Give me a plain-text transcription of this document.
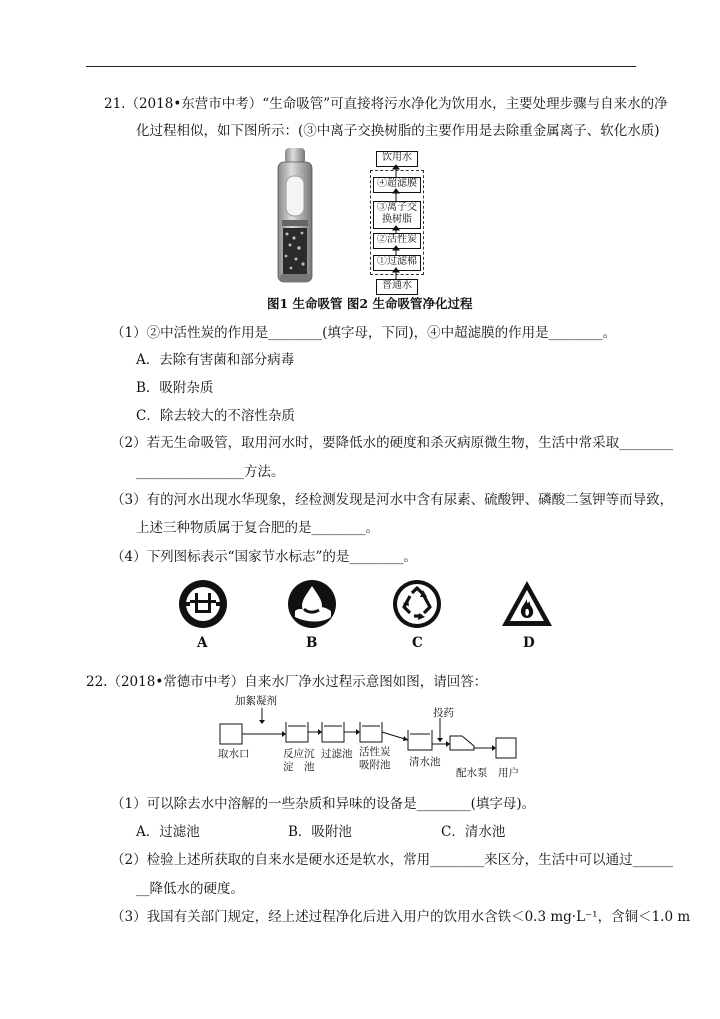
21.（2018•东营市中考）“生命吸管”可直接将污水净化为饮用水，主要处理步骤与自来水的净
化过程相似，如下图所示：(③中离子交换树脂的主要作用是去除重金属离子、软化水质)
饮用水
④超滤膜
③离子交
换树脂
②活性炭
①过滤棉
普通水
图1 生命吸管 图2 生命吸管净化过程
（1）②中活性炭的作用是________(填字母，下同)，④中超滤膜的作用是________。
A．去除有害菌和部分病毒
B．吸附杂质
C．除去较大的不溶性杂质
（2）若无生命吸管，取用河水时，要降低水的硬度和杀灭病原微生物，生活中常采取________
________________方法。
（3）有的河水出现水华现象，经检测发现是河水中含有尿素、硫酸钾、磷酸二氢钾等而导致，
上述三种物质属于复合肥的是________。
（4）下列图标表示“国家节水标志”的是________。
A	B	C	D
22.（2018•常德市中考）自来水厂净水过程示意图如图，请回答：
加絮凝剂
投药
取水口	反应沉
淀　池
过滤池 活性炭
吸附池 清水池
配水泵 用户
（1）可以除去水中溶解的一些杂质和异味的设备是________(填字母)。
A．过滤池	B．吸附池	C．清水池
（2）检验上述所获取的自来水是硬水还是软水，常用________来区分，生活中可以通过______
__降低水的硬度。
（3）我国有关部门规定，经上述过程净化后进入用户的饮用水含铁＜0.3 mg·L⁻¹，含铜＜1.0 m
